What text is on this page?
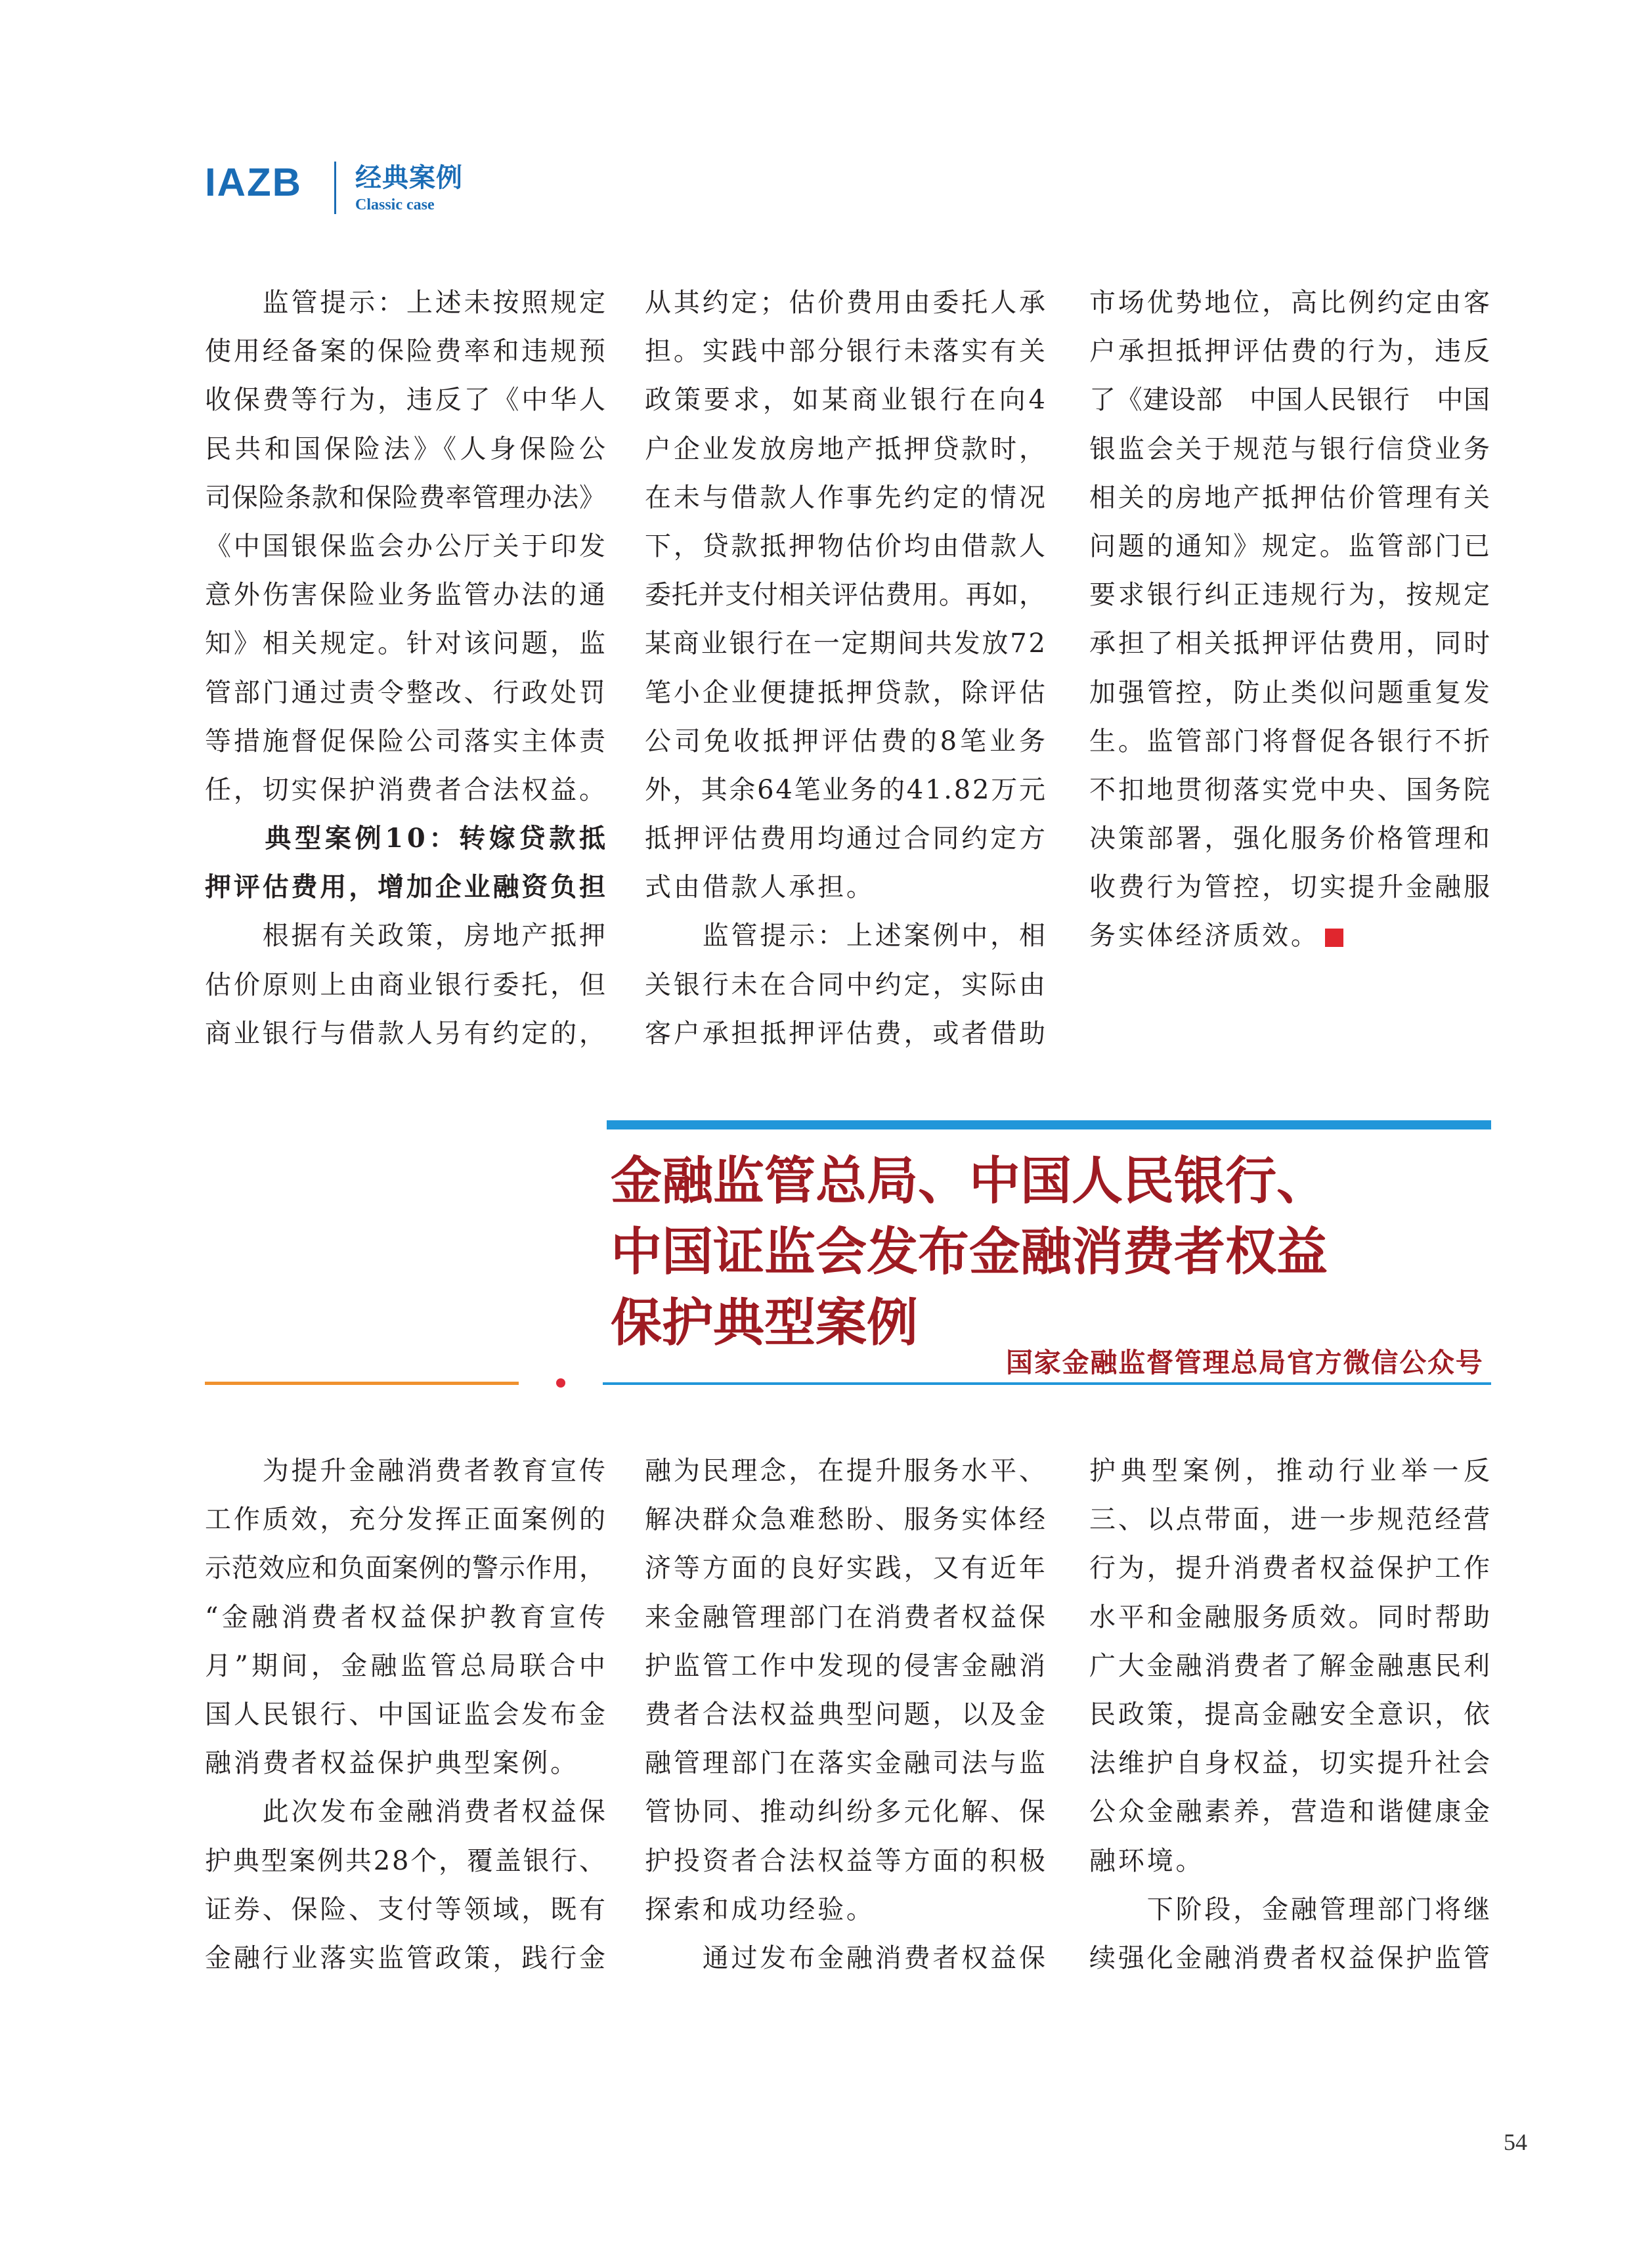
IAZB 经典案例
Classic case
　　监管提示：上述未按照规定
使用经备案的保险费率和违规预
收保费等行为，违反了《中华人
民共和国保险法》《人身保险公
司保险条款和保险费率管理办法》
《中国银保监会办公厅关于印发
意外伤害保险业务监管办法的通
知》相关规定。针对该问题，监
管部门通过责令整改、行政处罚
等措施督促保险公司落实主体责
任，切实保护消费者合法权益。
　　典型案例10：转嫁贷款抵
押评估费用，增加企业融资负担
　　根据有关政策，房地产抵押
估价原则上由商业银行委托，但
商业银行与借款人另有约定的，
从其约定；估价费用由委托人承
担。实践中部分银行未落实有关
政策要求，如某商业银行在向4
户企业发放房地产抵押贷款时，
在未与借款人作事先约定的情况
下，贷款抵押物估价均由借款人
委托并支付相关评估费用。再如，
某商业银行在一定期间共发放72
笔小企业便捷抵押贷款，除评估
公司免收抵押评估费的8笔业务
外，其余64笔业务的41.82万元
抵押评估费用均通过合同约定方
式由借款人承担。
　　监管提示：上述案例中，相
关银行未在合同中约定，实际由
客户承担抵押评估费，或者借助
市场优势地位，高比例约定由客
户承担抵押评估费的行为，违反
了《建设部　中国人民银行　中国
银监会关于规范与银行信贷业务
相关的房地产抵押估价管理有关
问题的通知》规定。监管部门已
要求银行纠正违规行为，按规定
承担了相关抵押评估费用，同时
加强管控，防止类似问题重复发
生。监管部门将督促各银行不折
不扣地贯彻落实党中央、国务院
决策部署，强化服务价格管理和
收费行为管控，切实提升金融服
务实体经济质效。
金融监管总局、中国人民银行、
中国证监会发布金融消费者权益
保护典型案例
国家金融监督管理总局官方微信公众号
　　为提升金融消费者教育宣传
工作质效，充分发挥正面案例的
示范效应和负面案例的警示作用，
“金融消费者权益保护教育宣传
月”期间，金融监管总局联合中
国人民银行、中国证监会发布金
融消费者权益保护典型案例。
　　此次发布金融消费者权益保
护典型案例共28个，覆盖银行、
证券、保险、支付等领域，既有
金融行业落实监管政策，践行金
融为民理念，在提升服务水平、
解决群众急难愁盼、服务实体经
济等方面的良好实践，又有近年
来金融管理部门在消费者权益保
护监管工作中发现的侵害金融消
费者合法权益典型问题，以及金
融管理部门在落实金融司法与监
管协同、推动纠纷多元化解、保
护投资者合法权益等方面的积极
探索和成功经验。
　　通过发布金融消费者权益保
护典型案例，推动行业举一反
三、以点带面，进一步规范经营
行为，提升消费者权益保护工作
水平和金融服务质效。同时帮助
广大金融消费者了解金融惠民利
民政策，提高金融安全意识，依
法维护自身权益，切实提升社会
公众金融素养，营造和谐健康金
融环境。
　　下阶段，金融管理部门将继
续强化金融消费者权益保护监管
54
